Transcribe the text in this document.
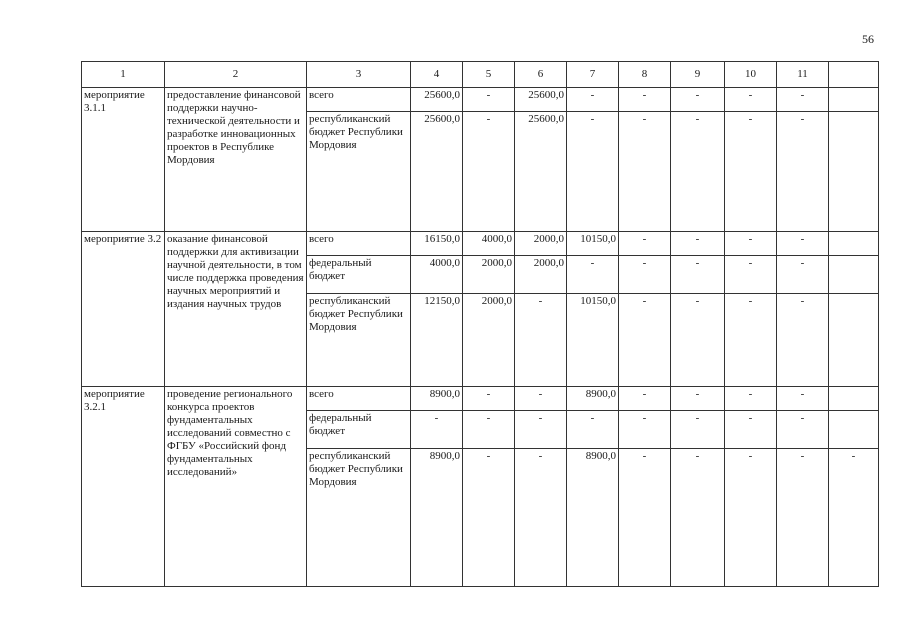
56
1	2	3	4	5	6	7	8	9	10	11	
мероприятие 3.1.1	предоставление финансовой поддержки научно-технической деятельности и разработке инновационных проектов в Республике Мордовия	всего	25600,0	-	25600,0	-	-	-	-	-	
		республиканский бюджет Республики Мордовия	25600,0	-	25600,0	-	-	-	-	-	
мероприятие 3.2	оказание финансовой поддержки для активизации научной деятельности, в том числе поддержка проведения научных мероприятий и издания научных трудов	всего	16150,0	4000,0	2000,0	10150,0	-	-	-	-	
		федеральный бюджет	4000,0	2000,0	2000,0	-	-	-	-	-	
		республиканский бюджет Республики Мордовия	12150,0	2000,0	-	10150,0	-	-	-	-	
мероприятие 3.2.1	проведение регионального конкурса проектов фундаментальных исследований совместно с ФГБУ «Российский фонд фундаментальных исследований»	всего	8900,0	-	-	8900,0	-	-	-	-	
		федеральный бюджет	-	-	-	-	-	-	-	-	
		республиканский бюджет Республики Мордовия	8900,0	-	-	8900,0	-	-	-	-	-
